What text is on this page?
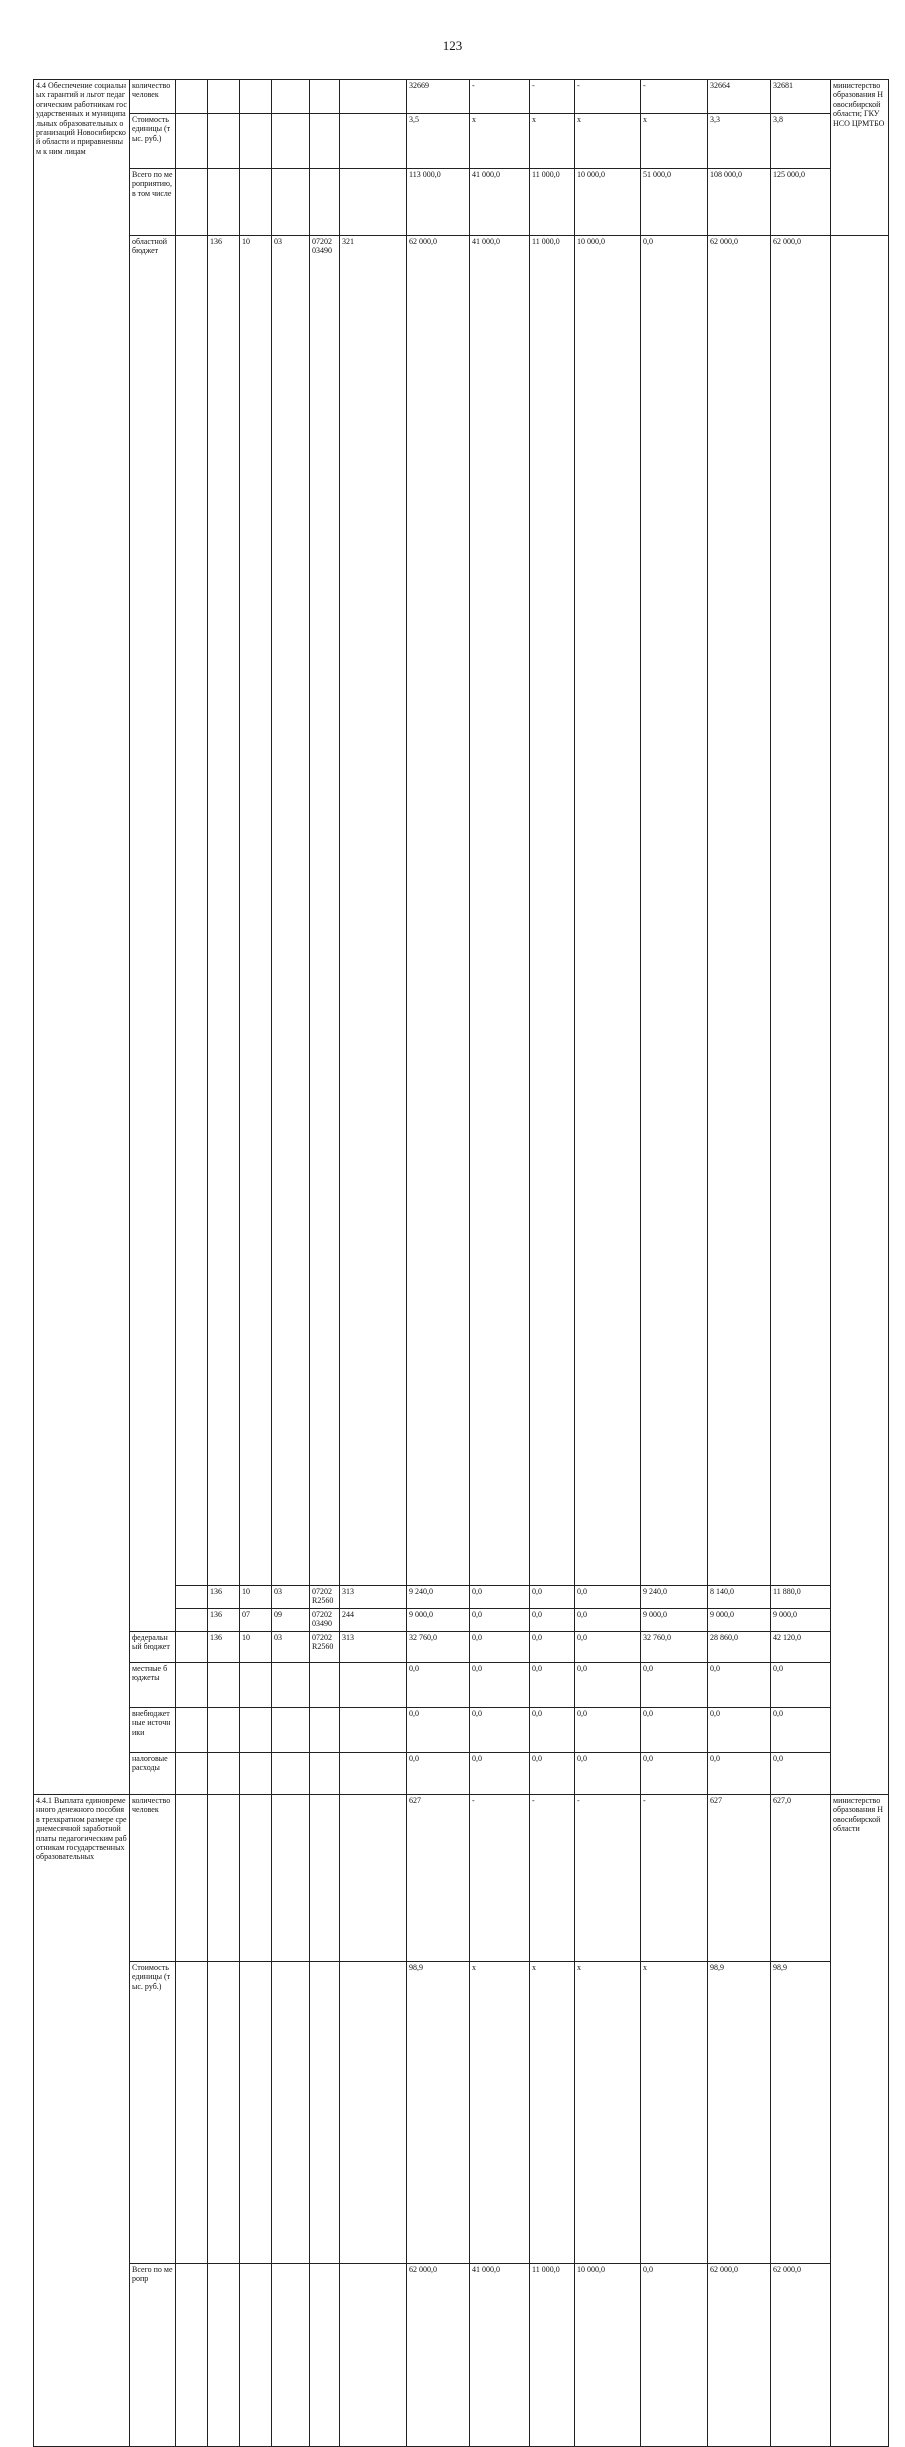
123
4.4 Обеспечение социальных гарантий и льгот педагогическим работникам государственных и муниципальных образовательных организаций Новосибирской области и приравненным к ним лицам	количество человек							32669	-	-	-	-	32664	32681	министерство образования Новосибирской области; ГКУ НСО ЦРМТБО	
	Стоимость единицы (тыс. руб.)							3,5	х	х	х	х	3,3	3,8		
	Всего по мероприятию, в том числе							113 000,0	41 000,0	11 000,0	10 000,0	51 000,0	108 000,0	125 000,0		
	областной бюджет		136	10	03	07202 03490	321	62 000,0	41 000,0	11 000,0	10 000,0	0,0	62 000,0	62 000,0		
			136	10	03	07202 R2560	313	9 240,0	0,0	0,0	0,0	9 240,0	8 140,0	11 880,0		
			136	07	09	07202 03490	244	9 000,0	0,0	0,0	0,0	9 000,0	9 000,0	9 000,0		
	федеральный бюджет		136	10	03	07202 R2560	313	32 760,0	0,0	0,0	0,0	32 760,0	28 860,0	42 120,0		
	местные бюджеты							0,0	0,0	0,0	0,0	0,0	0,0	0,0		
	внебюджетные источники							0,0	0,0	0,0	0,0	0,0	0,0	0,0		
	налоговые расходы							0,0	0,0	0,0	0,0	0,0	0,0	0,0		
4.4.1 Выплата единовременного денежного пособия в трехкратном размере среднемесячной заработной платы педагогическим работникам государственных образовательных	количество человек							627	-	-	-	-	627	627,0	министерство образования Новосибирской области	
	Стоимость единицы (тыс. руб.)							98,9	х	х	х	х	98,9	98,9		
	Всего по меропр							62 000,0	41 000,0	11 000,0	10 000,0	0,0	62 000,0	62 000,0		
